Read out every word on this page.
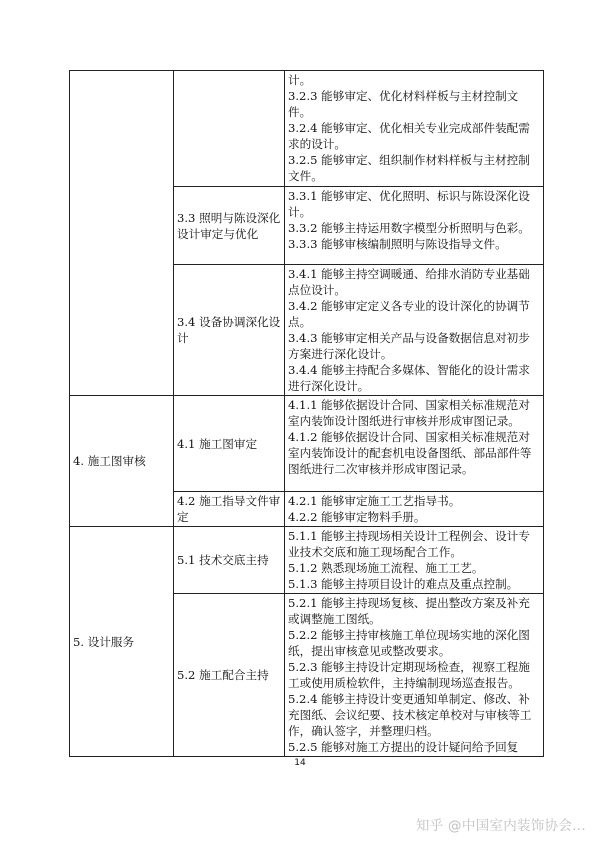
		计。

3.2.3 能够审定、优化材料样板与主材控制文件。

3.2.4 能够审定、优化相关专业完成部件装配需求的设计。

3.2.5 能够审定、组织制作材料样板与主材控制文件。

	3.3 照明与陈设深化设计审定与优化	3.3.1 能够审定、优化照明、标识与陈设深化设计。

3.3.2 能够主持运用数字模型分析照明与色彩。

3.3.3 能够审核编制照明与陈设指导文件。

	3.4 设备协调深化设计	3.4.1 能够主持空调暖通、给排水消防专业基础点位设计。

3.4.2 能够审定定义各专业的设计深化的协调节点。

3.4.3 能够审定相关产品与设备数据信息对初步方案进行深化设计。

3.4.4 能够主持配合多媒体、智能化的设计需求进行深化设计。

4. 施工图审核	4.1 施工图审定	4.1.1 能够依据设计合同、国家相关标准规范对室内装饰设计图纸进行审核并形成审图记录。

4.1.2 能够依据设计合同、国家相关标准规范对室内装饰设计的配套机电设备图纸、部品部件等图纸进行二次审核并形成审图记录。

	4.2 施工指导文件审定	4.2.1 能够审定施工工艺指导书。

4.2.2 能够审定物料手册。

5. 设计服务	5.1 技术交底主持	5.1.1 能够主持现场相关设计工程例会、设计专业技术交底和施工现场配合工作。

5.1.2 熟悉现场施工流程、施工工艺。

5.1.3 能够主持项目设计的难点及重点控制。

	5.2 施工配合主持	5.2.1 能够主持现场复核、提出整改方案及补充或调整施工图纸。

5.2.2 能够主持审核施工单位现场实地的深化图纸，提出审核意见或整改要求。

5.2.3 能够主持设计定期现场检查，视察工程施工或使用质检软件，主持编制现场巡查报告。

5.2.4 能够主持设计变更通知单制定、修改、补充图纸、会议纪要、技术核定单校对与审核等工作，确认签字，并整理归档。

5.2.5 能够对施工方提出的设计疑问给予回复

14
知乎 @中国室内装饰协会...
